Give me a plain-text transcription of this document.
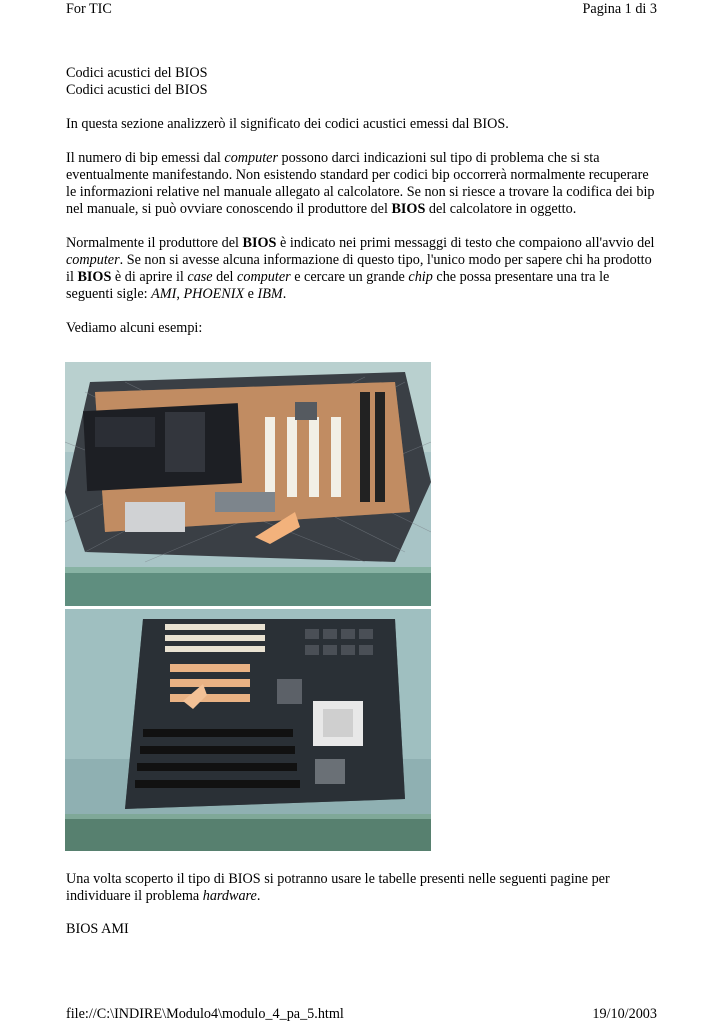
For TIC	Pagina 1 di 3

Codici acustici del BIOS

Codici acustici del BIOS

In questa sezione analizzerò il significato dei codici acustici emessi dal BIOS.

Il numero di bip emessi dal computer possono darci indicazioni sul tipo di problema che si sta eventualmente manifestando. Non esistendo standard per codici bip occorrerà normalmente recuperare le informazioni relative nel manuale allegato al calcolatore. Se non si riesce a trovare la codifica dei bip nel manuale, si può ovviare conoscendo il produttore del BIOS del calcolatore in oggetto.

Normalmente il produttore del BIOS è indicato nei primi messaggi di testo che compaiono all'avvio del computer. Se non si avesse alcuna informazione di questo tipo, l'unico modo per sapere chi ha prodotto il BIOS è di aprire il case del computer e cercare un grande chip che possa presentare una tra le seguenti sigle: AMI, PHOENIX e IBM.

Vediamo alcuni esempi:

Una volta scoperto il tipo di BIOS si potranno usare le tabelle presenti nelle seguenti pagine per individuare il problema hardware.

BIOS AMI

file://C:\INDIRE\Modulo4\modulo_4_pa_5.html	19/10/2003
